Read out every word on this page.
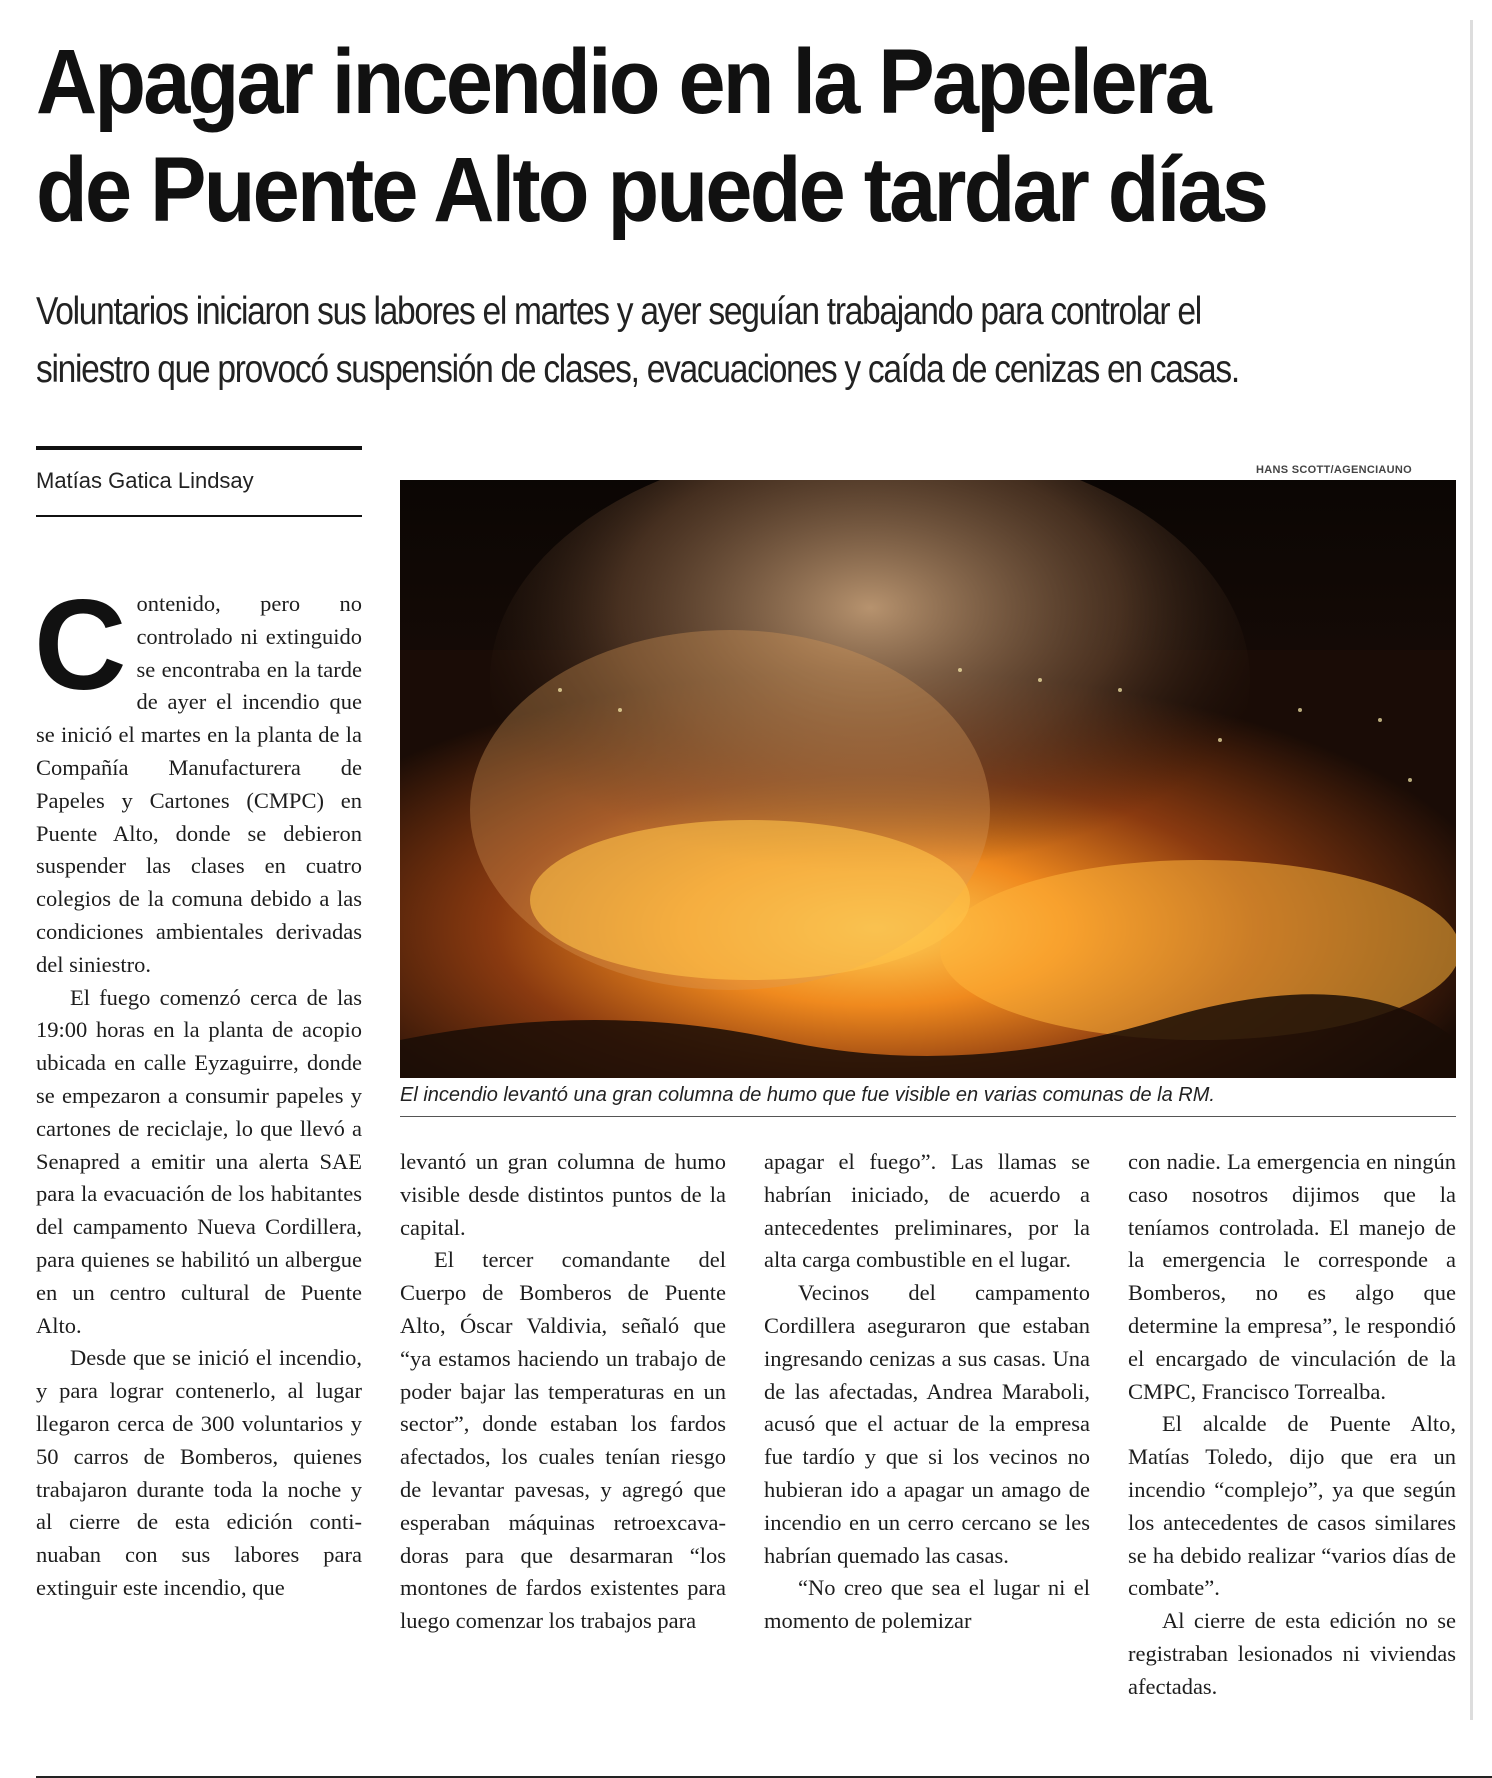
Apagar incendio en la Papelera
de Puente Alto puede tardar días
Voluntarios iniciaron sus labores el martes y ayer seguían trabajando para controlar el
siniestro que provocó suspensión de clases, evacuaciones y caída de cenizas en casas.
Matías Gatica Lindsay	HANS SCOTT/AGENCIAUNO
El incendio levantó una gran columna de humo que fue visible en varias comunas de la RM.

Contenido, pero no controlado ni extinguido se encontraba en la tarde de ayer el incendio que se inició el martes en la planta de la Compañía Manufacturera de Papeles y Cartones (CMPC) en Puente Alto, donde se debieron suspender las clases en cuatro colegios de la comuna debido a las condiciones ambientales derivadas del siniestro.

El fuego comenzó cerca de las 19:00 horas en la planta de acopio ubicada en calle Eyzaguirre, donde se empezaron a consumir papeles y cartones de reciclaje, lo que llevó a Senapred a emitir una alerta SAE para la evacuación de los habitantes del campamento Nueva Cordillera, para quienes se habilitó un albergue en un centro cultural de Puente Alto.

Desde que se inició el incendio, y para lograr contenerlo, al lugar llegaron cerca de 300 voluntarios y 50 carros de Bomberos, quienes trabajaron durante toda la noche y al cierre de esta edición continuaban con sus labores para extinguir este incendio, que

levantó un gran columna de humo visible desde distintos puntos de la capital.

El tercer comandante del Cuerpo de Bomberos de Puente Alto, Óscar Valdivia, señaló que “ya estamos haciendo un trabajo de poder bajar las temperaturas en un sector”, donde estaban los fardos afectados, los cuales tenían riesgo de levantar pavesas, y agregó que esperaban máquinas retroexcavadoras para que desarmaran “los montones de fardos existentes para luego comenzar los trabajos para

apagar el fuego”. Las llamas se habrían iniciado, de acuerdo a antecedentes preliminares, por la alta carga combustible en el lugar.

Vecinos del campamento Cordillera aseguraron que estaban ingresando cenizas a sus casas. Una de las afectadas, Andrea Maraboli, acusó que el actuar de la empresa fue tardío y que si los vecinos no hubieran ido a apagar un amago de incendio en un cerro cercano se les habrían quemado las casas.

“No creo que sea el lugar ni el momento de polemizar

con nadie. La emergencia en ningún caso nosotros dijimos que la teníamos controlada. El manejo de la emergencia le corresponde a Bomberos, no es algo que determine la empresa”, le respondió el encargado de vinculación de la CMPC, Francisco Torrealba.

El alcalde de Puente Alto, Matías Toledo, dijo que era un incendio “complejo”, ya que según los antecedentes de casos similares se ha debido realizar “varios días de combate”.

Al cierre de esta edición no se registraban lesionados ni viviendas afectadas.
